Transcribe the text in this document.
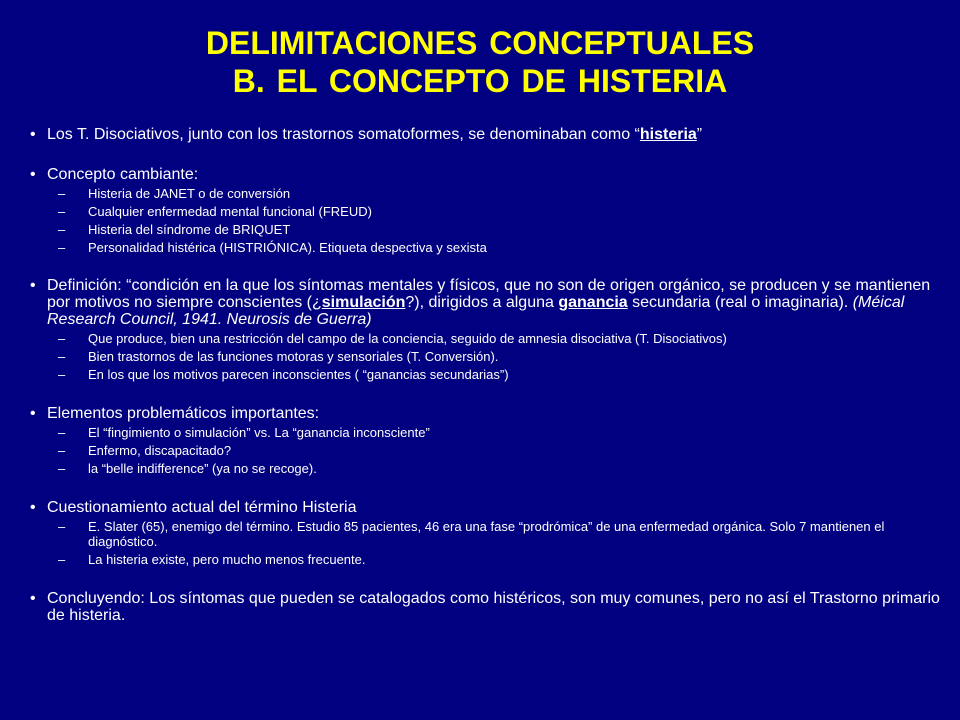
DELIMITACIONES CONCEPTUALES
B. EL CONCEPTO DE HISTERIA
• Los T. Disociativos, junto con los trastornos somatoformes, se denominaban como “histeria”
• Concepto cambiante:
– Histeria de JANET o de conversión
– Cualquier enfermedad mental funcional (FREUD)
– Histeria del síndrome de BRIQUET
– Personalidad histérica (HISTRIÓNICA). Etiqueta despectiva y sexista
• Definición: “condición en la que los síntomas mentales y físicos, que no son de origen orgánico, se producen y se mantienen por motivos no siempre conscientes (¿simulación?), dirigidos a alguna ganancia secundaria (real o imaginaria). (Méical Research Council, 1941. Neurosis de Guerra)
– Que produce, bien una restricción del campo de la conciencia, seguido de amnesia disociativa (T. Disociativos)
– Bien trastornos de las funciones motoras y sensoriales (T. Conversión).
– En los que los motivos parecen inconscientes ( “ganancias secundarias”)
• Elementos problemáticos importantes:
– El “fingimiento o simulación” vs. La “ganancia inconsciente”
– Enfermo, discapacitado?
– la “belle indifference” (ya no se recoge).
• Cuestionamiento actual del término Histeria
– E. Slater (65), enemigo del término. Estudio 85 pacientes, 46 era una fase “prodrómica” de una enfermedad orgánica. Solo 7 mantienen el diagnóstico.
– La histeria existe, pero mucho menos frecuente.
• Concluyendo: Los síntomas que pueden se catalogados como histéricos, son muy comunes, pero no así el Trastorno primario de histeria.
